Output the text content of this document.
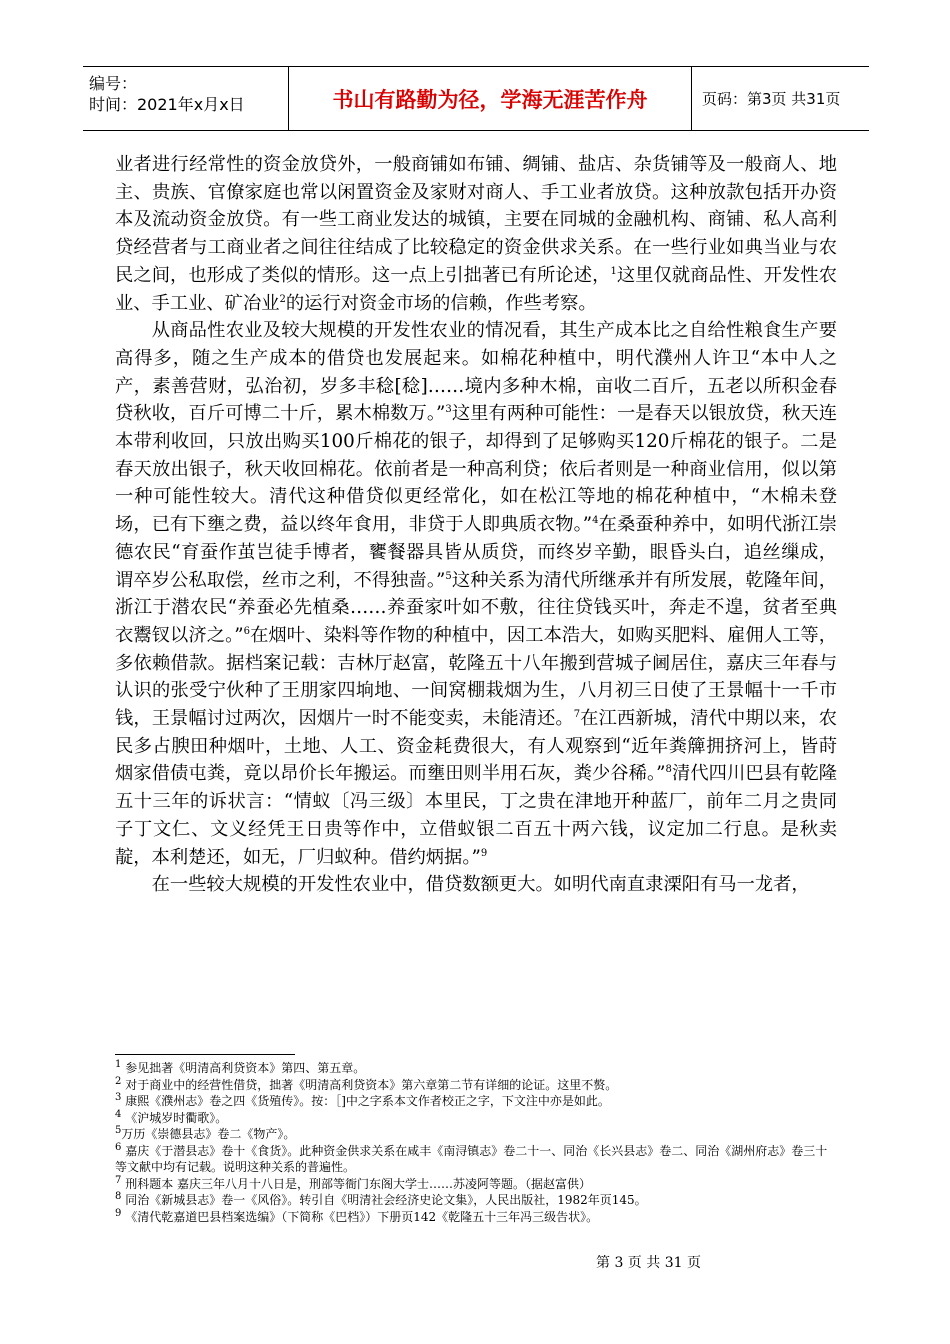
编号：
时间：2021年x月x日	书山有路勤为径，学海无涯苦作舟	页码：第3页 共31页

业者进行经常性的资金放贷外，一般商铺如布铺、绸铺、盐店、杂货铺等及一般商人、地主、贵族、官僚家庭也常以闲置资金及家财对商人、手工业者放贷。这种放款包括开办资本及流动资金放贷。有一些工商业发达的城镇，主要在同城的金融机构、商铺、私人高利贷经营者与工商业者之间往往结成了比较稳定的资金供求关系。在一些行业如典当业与农民之间，也形成了类似的情形。这一点上引拙著已有所论述，$^1$这里仅就商品性、开发性农业、手工业、矿冶业$^2$的运行对资金市场的信赖，作些考察。

从商品性农业及较大规模的开发性农业的情况看，其生产成本比之自给性粮食生产要高得多，随之生产成本的借贷也发展起来。如棉花种植中，明代濮州人许卫“本中人之产，素善营财，弘治初，岁多丰稔[稔]……境内多种木棉，亩收二百斤，五老以所积金春贷秋收，百斤可博二十斤，累木棉数万。”$^3$这里有两种可能性：一是春天以银放贷，秋天连本带利收回，只放出购买100斤棉花的银子，却得到了足够购买120斤棉花的银子。二是春天放出银子，秋天收回棉花。依前者是一种高利贷；依后者则是一种商业信用，似以第一种可能性较大。清代这种借贷似更经常化，如在松江等地的棉花种植中，“木棉未登场，已有下壅之费，益以终年食用，非贷于人即典质衣物。”$^4$在桑蚕种养中，如明代浙江崇德农民“育蚕作茧岂徒手博者，饔餐器具皆从质贷，而终岁辛勤，眼昏头白，追丝缫成，谓卒岁公私取偿，丝市之利，不得独啬。”$^5$这种关系为清代所继承并有所发展，乾隆年间，浙江于潜农民“养蚕必先植桑……养蚕家叶如不敷，往往贷钱买叶，奔走不遑，贫者至典衣鬻钗以济之。”$^6$在烟叶、染料等作物的种植中，因工本浩大，如购买肥料、雇佣人工等，多依赖借款。据档案记载：吉林厅赵富，乾隆五十八年搬到营城子阃居住，嘉庆三年春与认识的张受宁伙种了王朋家四垧地、一间窝棚栽烟为生，八月初三日使了王景幅十一千市钱，王景幅讨过两次，因烟片一时不能变卖，未能清还。$^7$在江西新城，清代中期以来，农民多占腴田种烟叶，土地、人工、资金耗费很大，有人观察到“近年粪簰拥挤河上，皆莳烟家借债屯粪，竟以昂价长年搬运。而壅田则半用石灰，粪少谷稀。”$^8$清代四川巴县有乾隆五十三年的诉状言：“情蚁〔冯三级〕本里民，丁之贵在津地开种蓝厂，前年二月之贵同子丁文仁、文义经凭王日贵等作中，立借蚁银二百五十两六钱，议定加二行息。是秋卖靛，本利楚还，如无，厂归蚁种。借约炳据。”$^9$

在一些较大规模的开发性农业中，借贷数额更大。如明代南直隶溧阳有马一龙者，

$^1$ 参见拙著《明清高利贷资本》第四、第五章。
$^2$ 对于商业中的经营性借贷，拙著《明清高利贷资本》第六章第二节有详细的论证。这里不赘。
$^3$ 康熙《濮州志》卷之四《货殖传》。按：［]中之字系本文作者校正之字，下文注中亦是如此。
$^4$ 《沪城岁时衢歌》。
$^5$万历《崇德县志》卷二《物产》。
$^6$ 嘉庆《于潜县志》卷十《食货》。此种资金供求关系在咸丰《南浔镇志》卷二十一、同治《长兴县志》卷二、同治《湖州府志》卷三十等文献中均有记载。说明这种关系的普遍性。
$^7$ 刑科题本 嘉庆三年八月十八日是，刑部等衙门东阁大学士……苏凌阿等题。（据赵富供）
$^8$ 同治《新城县志》卷一《风俗》。转引自《明清社会经济史论文集》，人民出版社，1982年页145。
$^9$ 《清代乾嘉道巴县档案选编》（下简称《巴档》）下册页142《乾隆五十三年冯三级告状》。
第 3 页 共 31 页
